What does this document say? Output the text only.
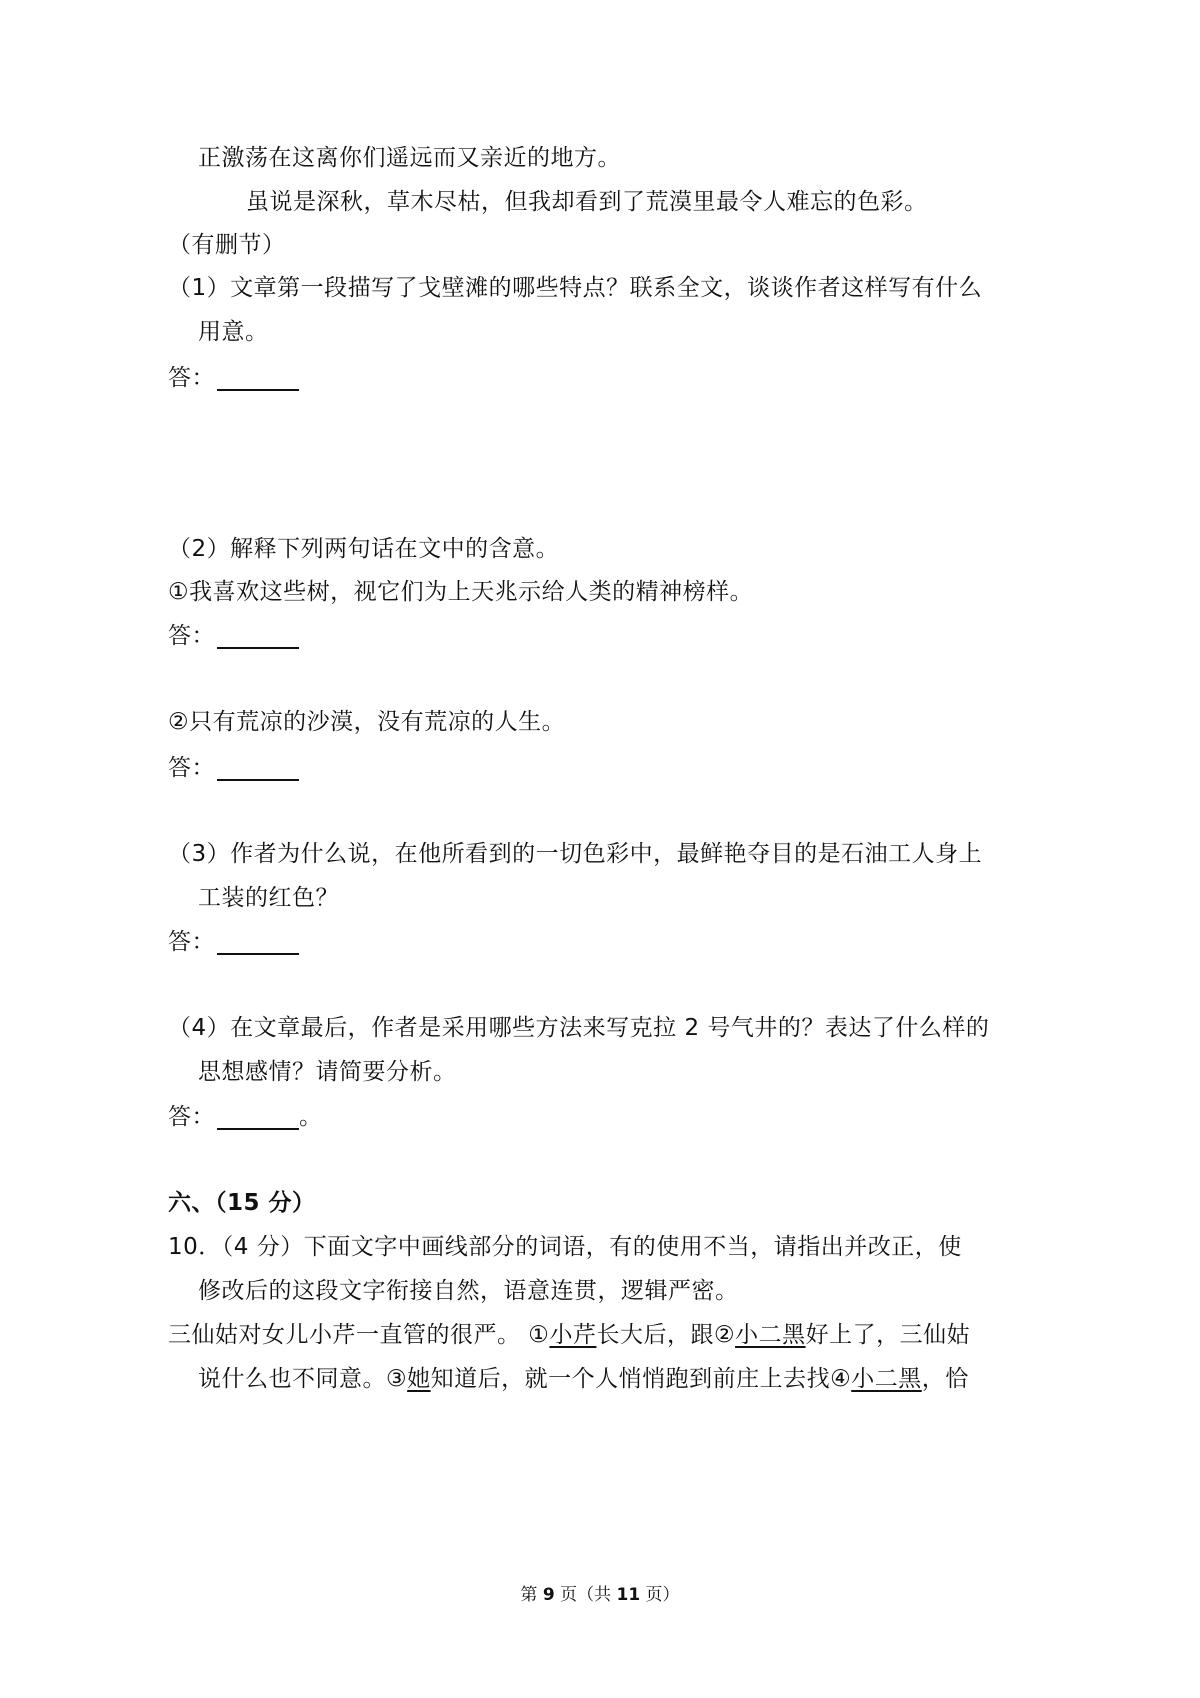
正激荡在这离你们遥远而又亲近的地方。
虽说是深秋，草木尽枯，但我却看到了荒漠里最令人难忘的色彩。
（有删节）
（1）文章第一段描写了戈壁滩的哪些特点？联系全文，谈谈作者这样写有什么
用意。
答：
（2）解释下列两句话在文中的含意。
①我喜欢这些树，视它们为上天兆示给人类的精神榜样。
答：
②只有荒凉的沙漠，没有荒凉的人生。
答：
（3）作者为什么说，在他所看到的一切色彩中，最鲜艳夺目的是石油工人身上
工装的红色？
答：
（4）在文章最后，作者是采用哪些方法来写克拉 2 号气井的？表达了什么样的
思想感情？请简要分析。
答：	。
六、（15 分）
10．（4 分）下面文字中画线部分的词语，有的使用不当，请指出并改正，使
修改后的这段文字衔接自然，语意连贯，逻辑严密。
三仙姑对女儿小芹一直管的很严。 ①小芹长大后，跟②小二黑好上了，三仙姑
说什么也不同意。③她知道后，就一个人悄悄跑到前庄上去找④小二黑，恰
第 9 页（共 11 页）
